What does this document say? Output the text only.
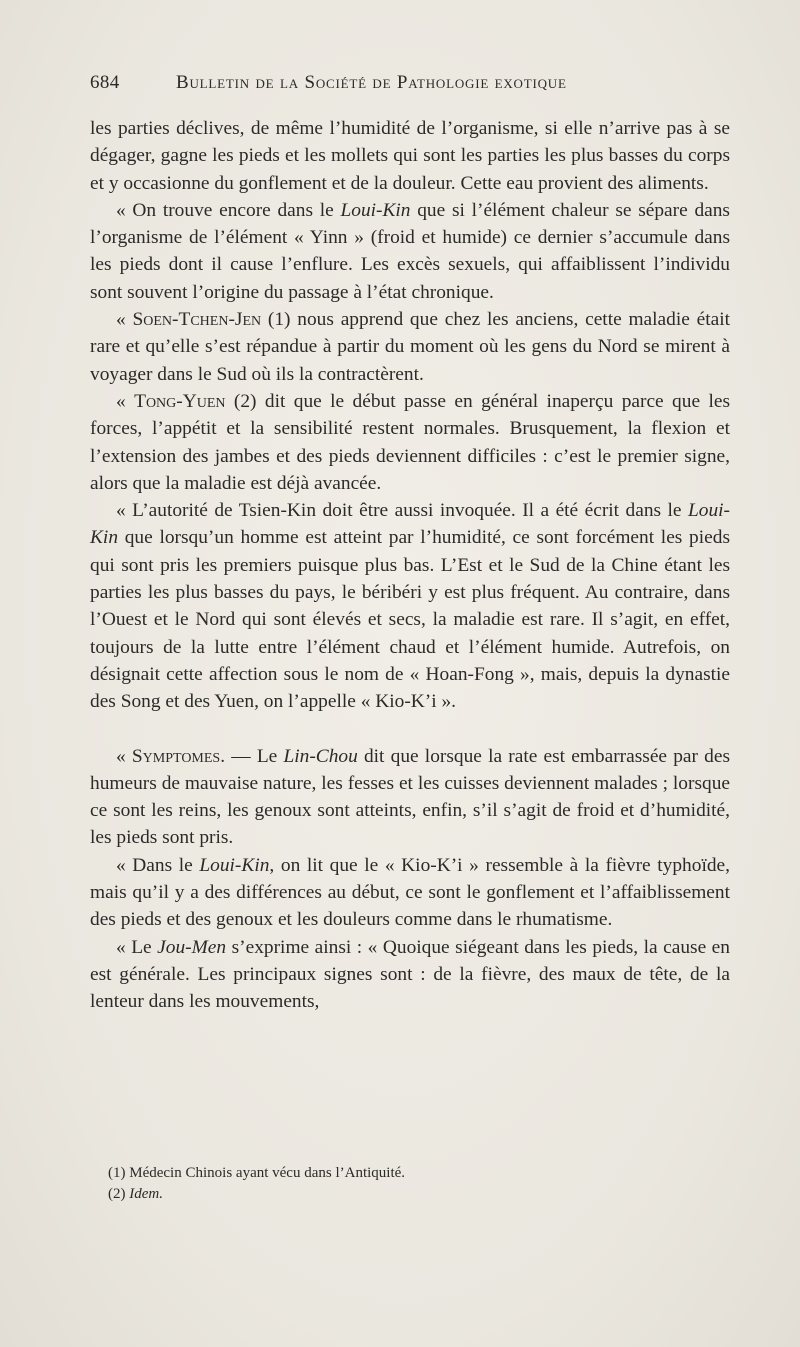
684	Bulletin de la Société de Pathologie exotique

les parties déclives, de même l’humidité de l’organisme, si elle n’arrive pas à se dégager, gagne les pieds et les mollets qui sont les parties les plus basses du corps et y occasionne du gonflement et de la douleur. Cette eau provient des aliments.

« On trouve encore dans le Loui-Kin que si l’élément chaleur se sépare dans l’organisme de l’élément « Yinn » (froid et humide) ce dernier s’accumule dans les pieds dont il cause l’enflure. Les excès sexuels, qui affaiblissent l’individu sont souvent l’origine du passage à l’état chronique.

« Soen-Tchen-Jen (1) nous apprend que chez les anciens, cette maladie était rare et qu’elle s’est répandue à partir du moment où les gens du Nord se mirent à voyager dans le Sud où ils la contractèrent.

« Tong-Yuen (2) dit que le début passe en général inaperçu parce que les forces, l’appétit et la sensibilité restent normales. Brusquement, la flexion et l’extension des jambes et des pieds deviennent difficiles : c’est le premier signe, alors que la maladie est déjà avancée.

« L’autorité de Tsien-Kin doit être aussi invoquée. Il a été écrit dans le Loui-Kin que lorsqu’un homme est atteint par l’humidité, ce sont forcément les pieds qui sont pris les premiers puisque plus bas. L’Est et le Sud de la Chine étant les parties les plus basses du pays, le béribéri y est plus fréquent. Au contraire, dans l’Ouest et le Nord qui sont élevés et secs, la maladie est rare. Il s’agit, en effet, toujours de la lutte entre l’élément chaud et l’élément humide. Autrefois, on désignait cette affection sous le nom de « Hoan-Fong », mais, depuis la dynastie des Song et des Yuen, on l’appelle « Kio-K’i ».

« Symptomes. — Le Lin-Chou dit que lorsque la rate est embarrassée par des humeurs de mauvaise nature, les fesses et les cuisses deviennent malades ; lorsque ce sont les reins, les genoux sont atteints, enfin, s’il s’agit de froid et d’humidité, les pieds sont pris.

« Dans le Loui-Kin, on lit que le « Kio-K’i » ressemble à la fièvre typhoïde, mais qu’il y a des différences au début, ce sont le gonflement et l’affaiblissement des pieds et des genoux et les douleurs comme dans le rhumatisme.

« Le Jou-Men s’exprime ainsi : « Quoique siégeant dans les pieds, la cause en est générale. Les principaux signes sont : de la fièvre, des maux de tête, de la lenteur dans les mouvements,

(1) Médecin Chinois ayant vécu dans l’Antiquité.
(2) Idem.
